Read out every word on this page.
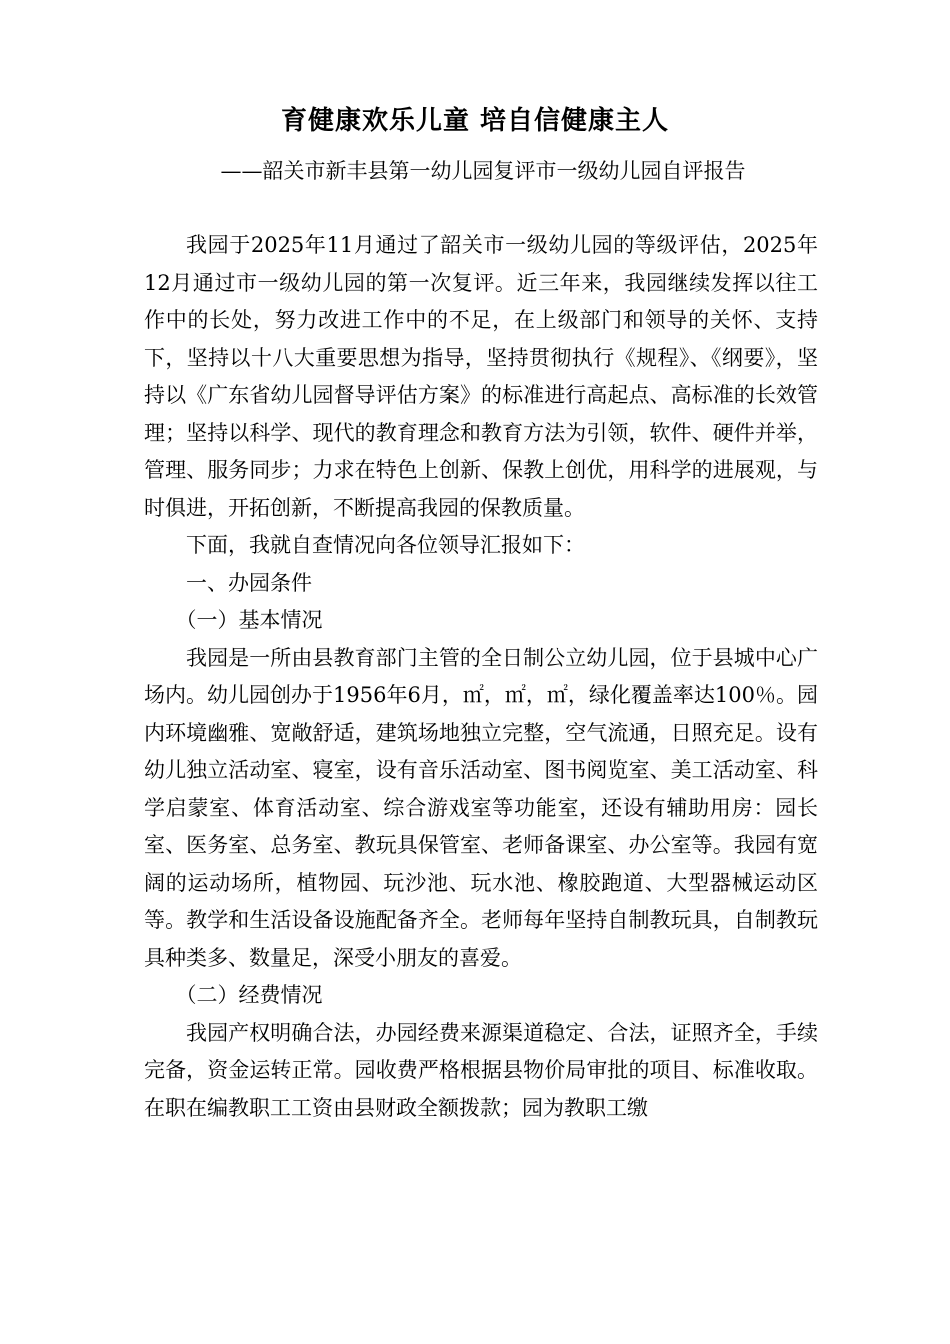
育健康欢乐儿童 培自信健康主人
——韶关市新丰县第一幼儿园复评市一级幼儿园自评报告

我园于2025年11月通过了韶关市一级幼儿园的等级评估，2025年12月通过市一级幼儿园的第一次复评。近三年来，我园继续发挥以往工作中的长处，努力改进工作中的不足，在上级部门和领导的关怀、支持下，坚持以十八大重要思想为指导，坚持贯彻执行《规程》、《纲要》，坚持以《广东省幼儿园督导评估方案》的标准进行高起点、高标准的长效管理；坚持以科学、现代的教育理念和教育方法为引领，软件、硬件并举，管理、服务同步；力求在特色上创新、保教上创优，用科学的进展观，与时俱进，开拓创新，不断提高我园的保教质量。

下面，我就自查情况向各位领导汇报如下：

一、办园条件

（一）基本情况

我园是一所由县教育部门主管的全日制公立幼儿园，位于县城中心广场内。幼儿园创办于1956年6月，㎡，㎡，㎡，绿化覆盖率达100％。园内环境幽雅、宽敞舒适，建筑场地独立完整，空气流通，日照充足。设有幼儿独立活动室、寝室，设有音乐活动室、图书阅览室、美工活动室、科学启蒙室、体育活动室、综合游戏室等功能室，还设有辅助用房：园长室、医务室、总务室、教玩具保管室、老师备课室、办公室等。我园有宽阔的运动场所，植物园、玩沙池、玩水池、橡胶跑道、大型器械运动区等。教学和生活设备设施配备齐全。老师每年坚持自制教玩具，自制教玩具种类多、数量足，深受小朋友的喜爱。

（二）经费情况

我园产权明确合法，办园经费来源渠道稳定、合法，证照齐全，手续完备，资金运转正常。园收费严格根据县物价局审批的项目、标准收取。在职在编教职工工资由县财政全额拨款；园为教职工缴
